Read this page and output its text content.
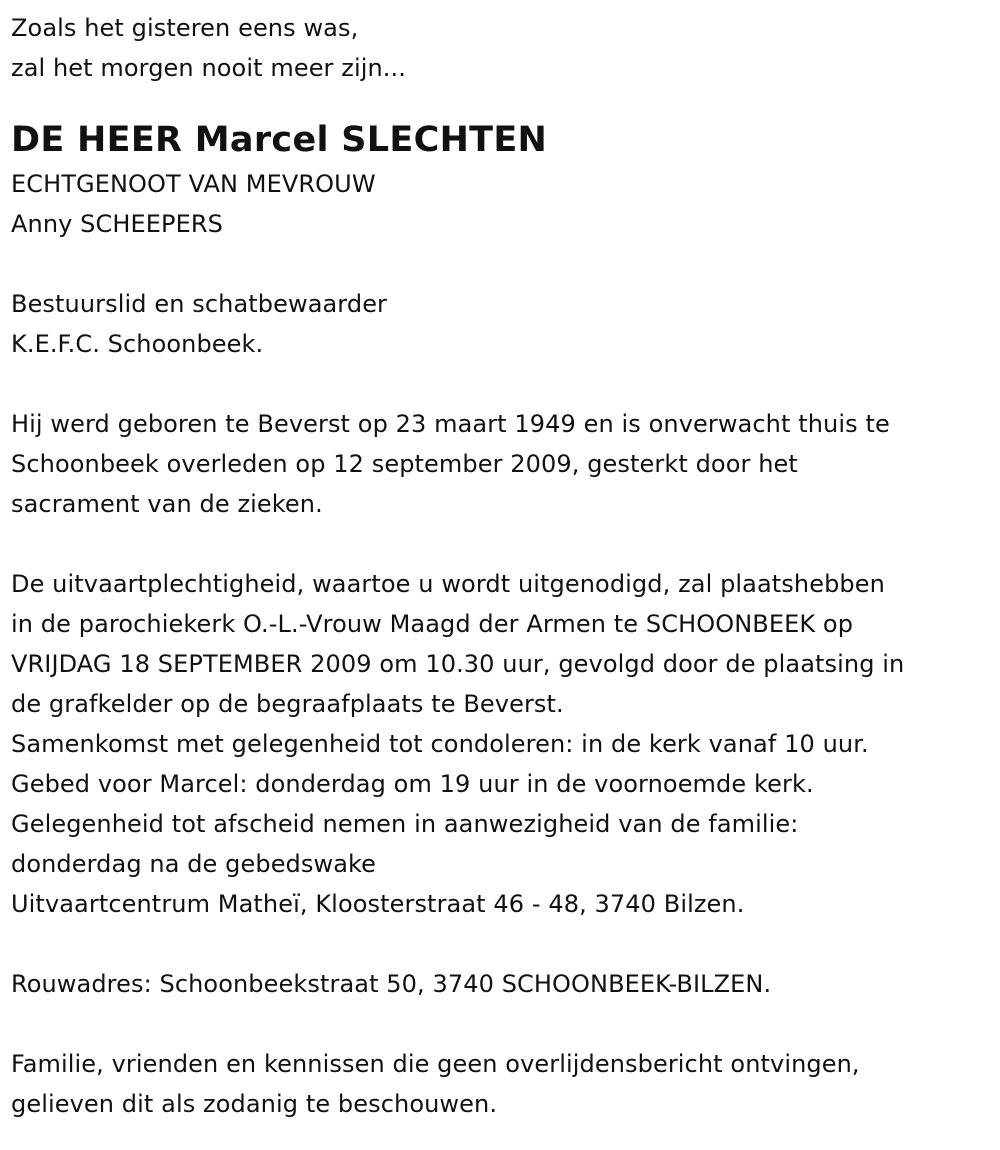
Zoals het gisteren eens was,
zal het morgen nooit meer zijn...
DE HEER Marcel SLECHTEN
ECHTGENOOT VAN MEVROUW
Anny SCHEEPERS
Bestuurslid en schatbewaarder
K.E.F.C. Schoonbeek.
Hij werd geboren te Beverst op 23 maart 1949 en is onverwacht thuis te
Schoonbeek overleden op 12 september 2009, gesterkt door het
sacrament van de zieken.
De uitvaartplechtigheid, waartoe u wordt uitgenodigd, zal plaatshebben
in de parochiekerk O.-L.-Vrouw Maagd der Armen te SCHOONBEEK op
VRIJDAG 18 SEPTEMBER 2009 om 10.30 uur, gevolgd door de plaatsing in
de grafkelder op de begraafplaats te Beverst.
Samenkomst met gelegenheid tot condoleren: in de kerk vanaf 10 uur.
Gebed voor Marcel: donderdag om 19 uur in de voornoemde kerk.
Gelegenheid tot afscheid nemen in aanwezigheid van de familie:
donderdag na de gebedswake
Uitvaartcentrum Matheï, Kloosterstraat 46 - 48, 3740 Bilzen.
Rouwadres: Schoonbeekstraat 50, 3740 SCHOONBEEK-BILZEN.
Familie, vrienden en kennissen die geen overlijdensbericht ontvingen,
gelieven dit als zodanig te beschouwen.
